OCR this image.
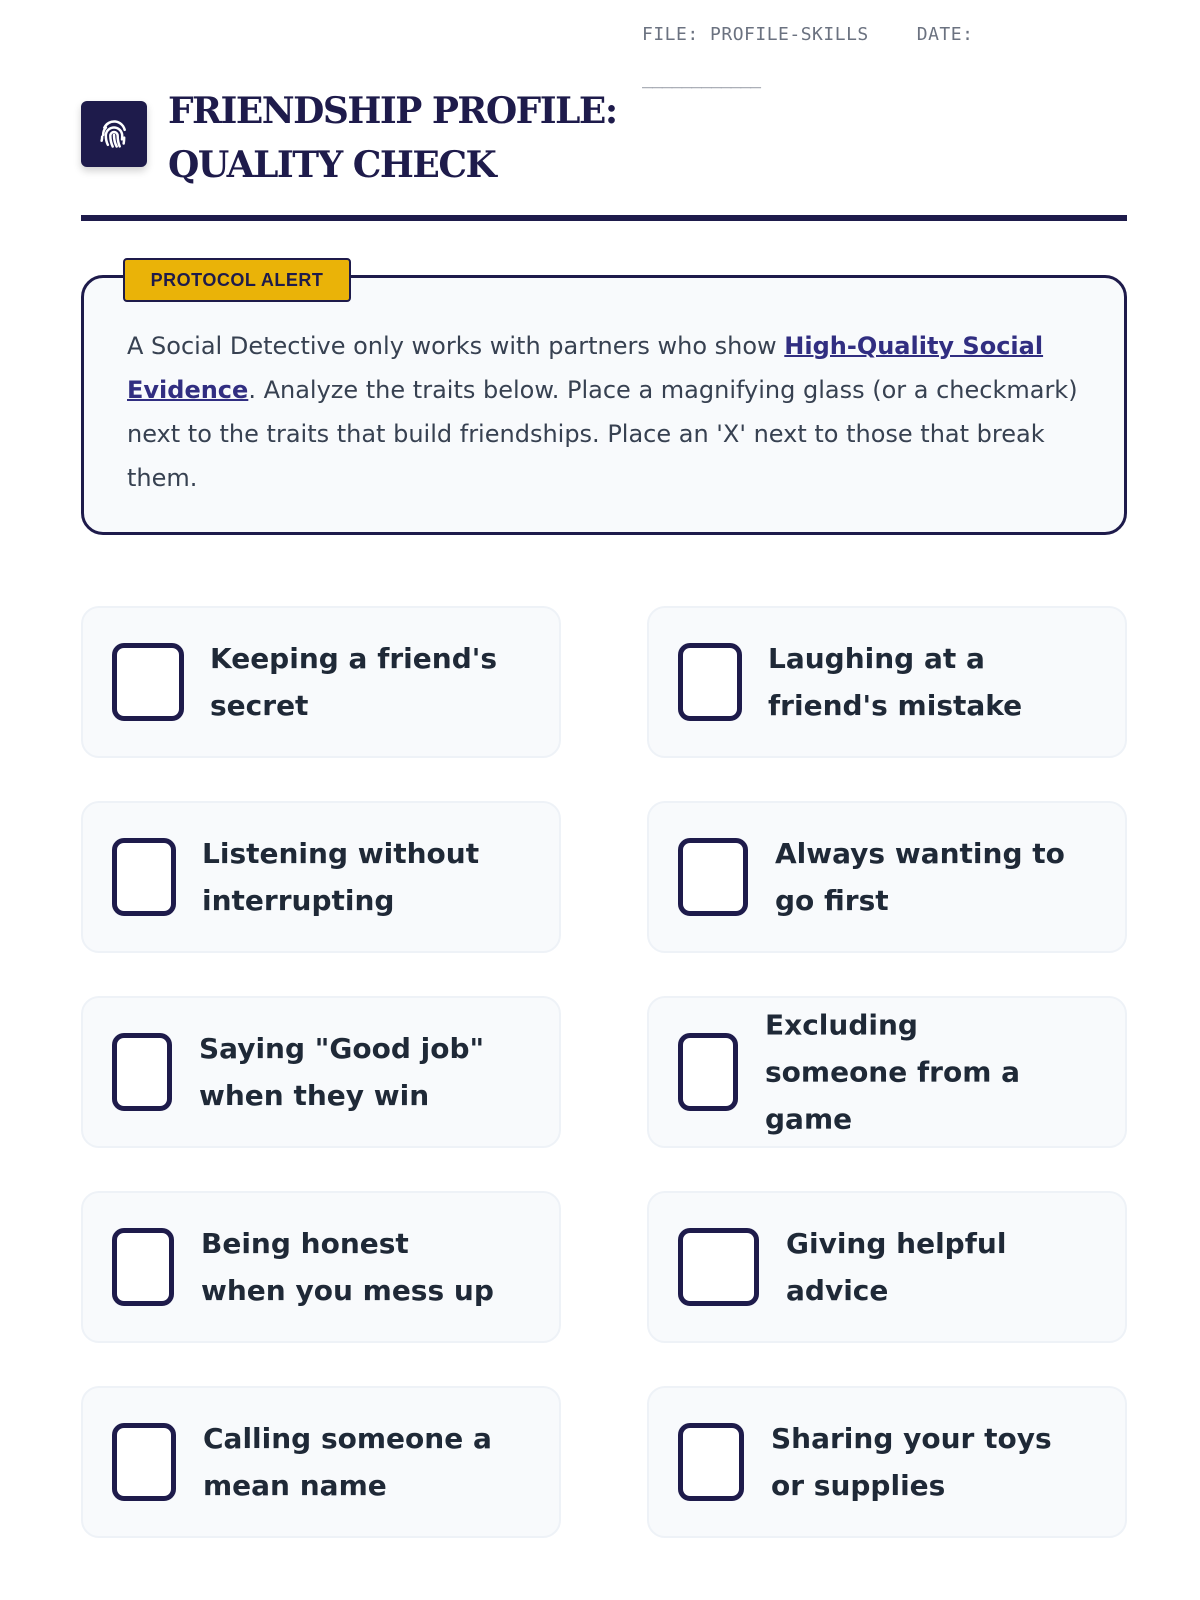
FRIENDSHIP PROFILE: QUALITY CHECK
FILE: PROFILE-SKILLS	DATE:
____________

A Social Detective only works with partners who show High-Quality Social Evidence. Analyze the traits below. Place a magnifying glass (or a checkmark) next to the traits that build friendships. Place an 'X' next to those that break them.

PROTOCOL ALERT
Keeping a friend's secret
Laughing at a friend's mistake
Listening without interrupting
Always wanting to go first
Saying "Good job" when they win
Excluding someone from a game
Being honest when you mess up
Giving helpful advice
Calling someone a mean name
Sharing your toys or supplies
